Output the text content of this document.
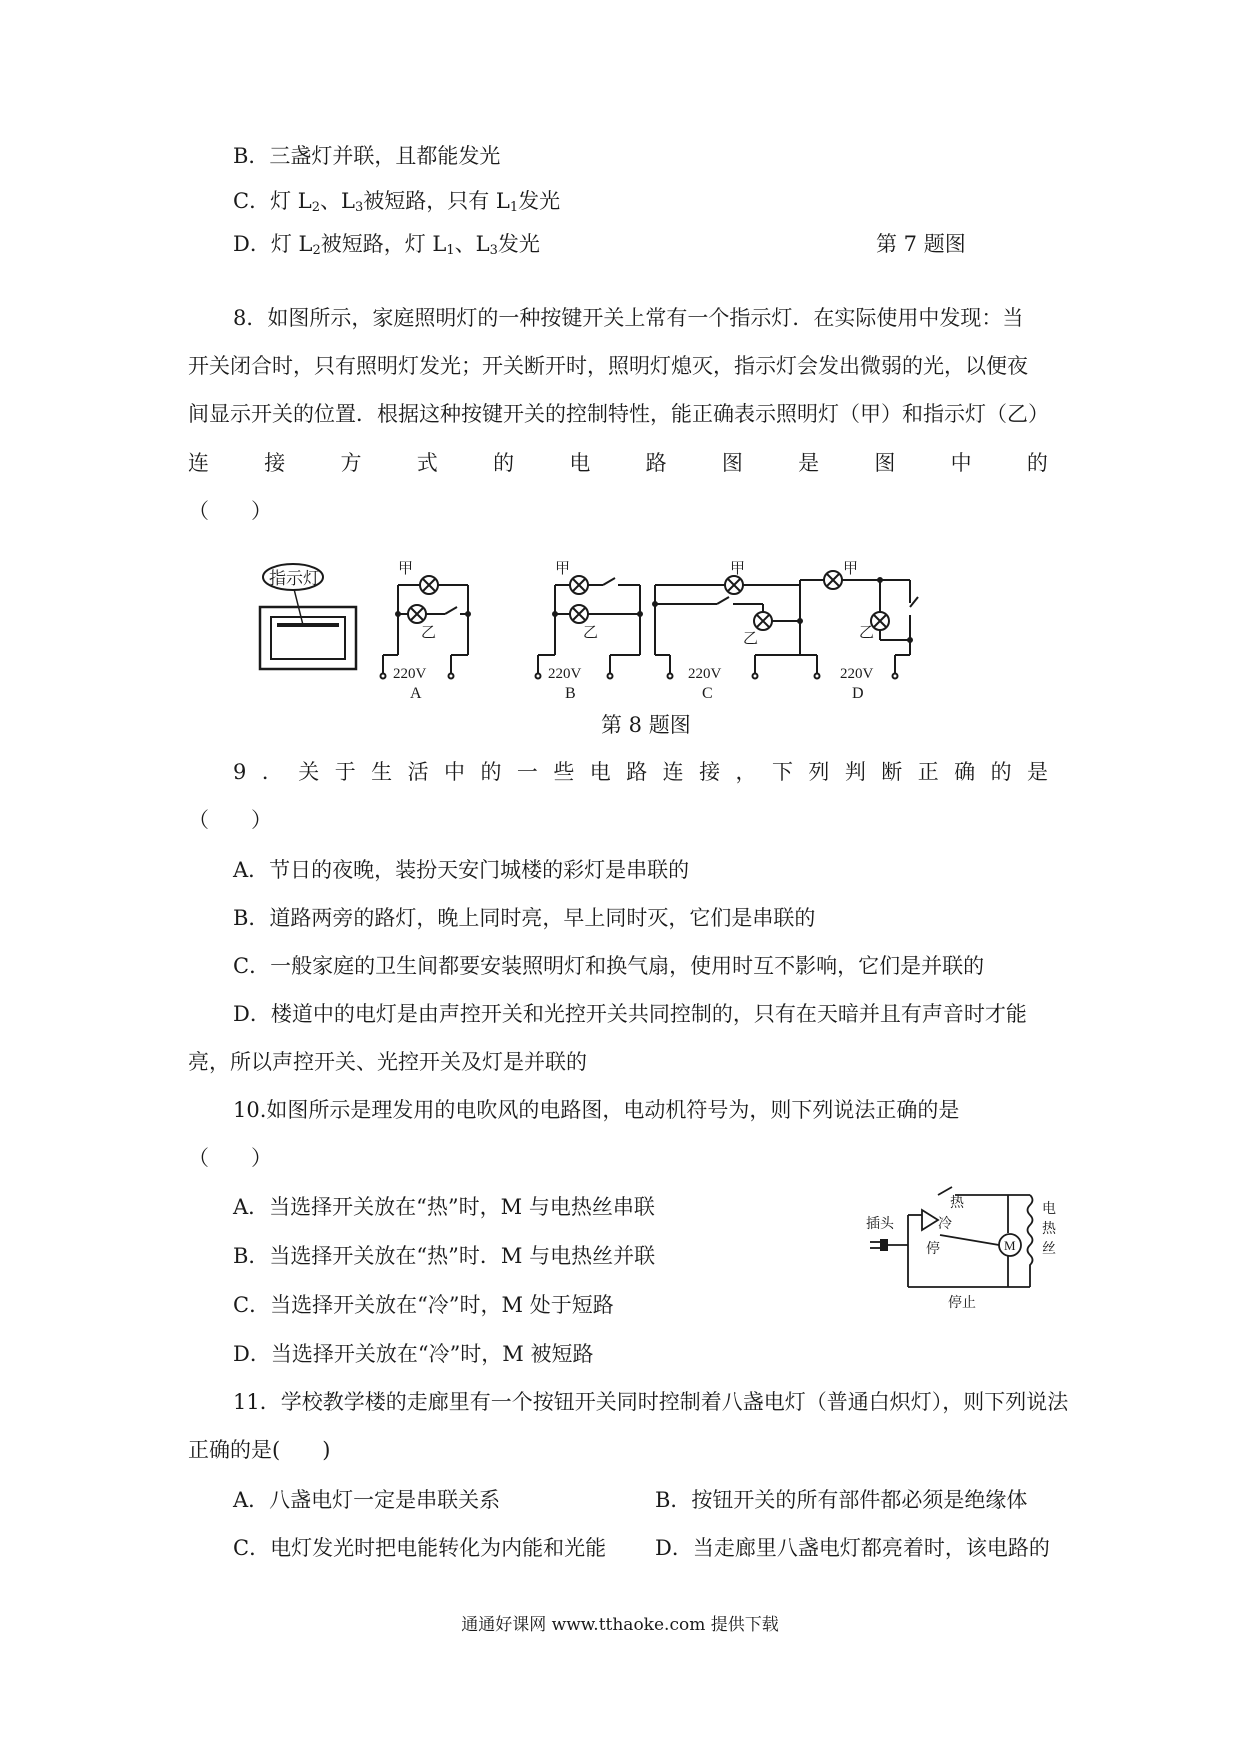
B．三盏灯并联，且都能发光
C．灯 $L_2$、$L_3$被短路，只有 $L_1$发光
D．灯 $L_2$被短路，灯 $L_1$、$L_3$发光	第 7 题图
8．如图所示，家庭照明灯的一种按键开关上常有一个指示灯．在实际使用中发现：当
开关闭合时，只有照明灯发光；开关断开时，照明灯熄灭，指示灯会发出微弱的光，以便夜
间显示开关的位置．根据这种按键开关的控制特性，能正确表示照明灯（甲）和指示灯（乙）
连	接	方	式	的	电	路	图	是	图	中	的
（　　）
指示灯	甲
乙
220V
A
甲
乙
220V
B
甲
乙
220V
C
甲
乙
220V
D
第 8 题图
9 ． 关 于 生 活 中 的 一 些 电 路 连 接 ， 下 列 判 断 正 确 的 是
（　　）
A．节日的夜晚，装扮天安门城楼的彩灯是串联的
B．道路两旁的路灯，晚上同时亮，早上同时灭，它们是串联的
C．一般家庭的卫生间都要安装照明灯和换气扇，使用时互不影响，它们是并联的
D．楼道中的电灯是由声控开关和光控开关共同控制的，只有在天暗并且有声音时才能
亮，所以声控开关、光控开关及灯是并联的
10.如图所示是理发用的电吹风的电路图，电动机符号为，则下列说法正确的是
（　　）
A．当选择开关放在“热”时，M 与电热丝串联
B．当选择开关放在“热”时．M 与电热丝并联
C．当选择开关放在“冷”时，M 处于短路
D．当选择开关放在“冷”时，M 被短路
插头	冷
停
热
M
电
热
丝
停止
11．学校教学楼的走廊里有一个按钮开关同时控制着八盏电灯（普通白炽灯），则下列说法
正确的是(　　)
A．八盏电灯一定是串联关系	B．按钮开关的所有部件都必须是绝缘体
C．电灯发光时把电能转化为内能和光能 D．当走廊里八盏电灯都亮着时，该电路的
通通好课网 www.tthaoke.com 提供下载
